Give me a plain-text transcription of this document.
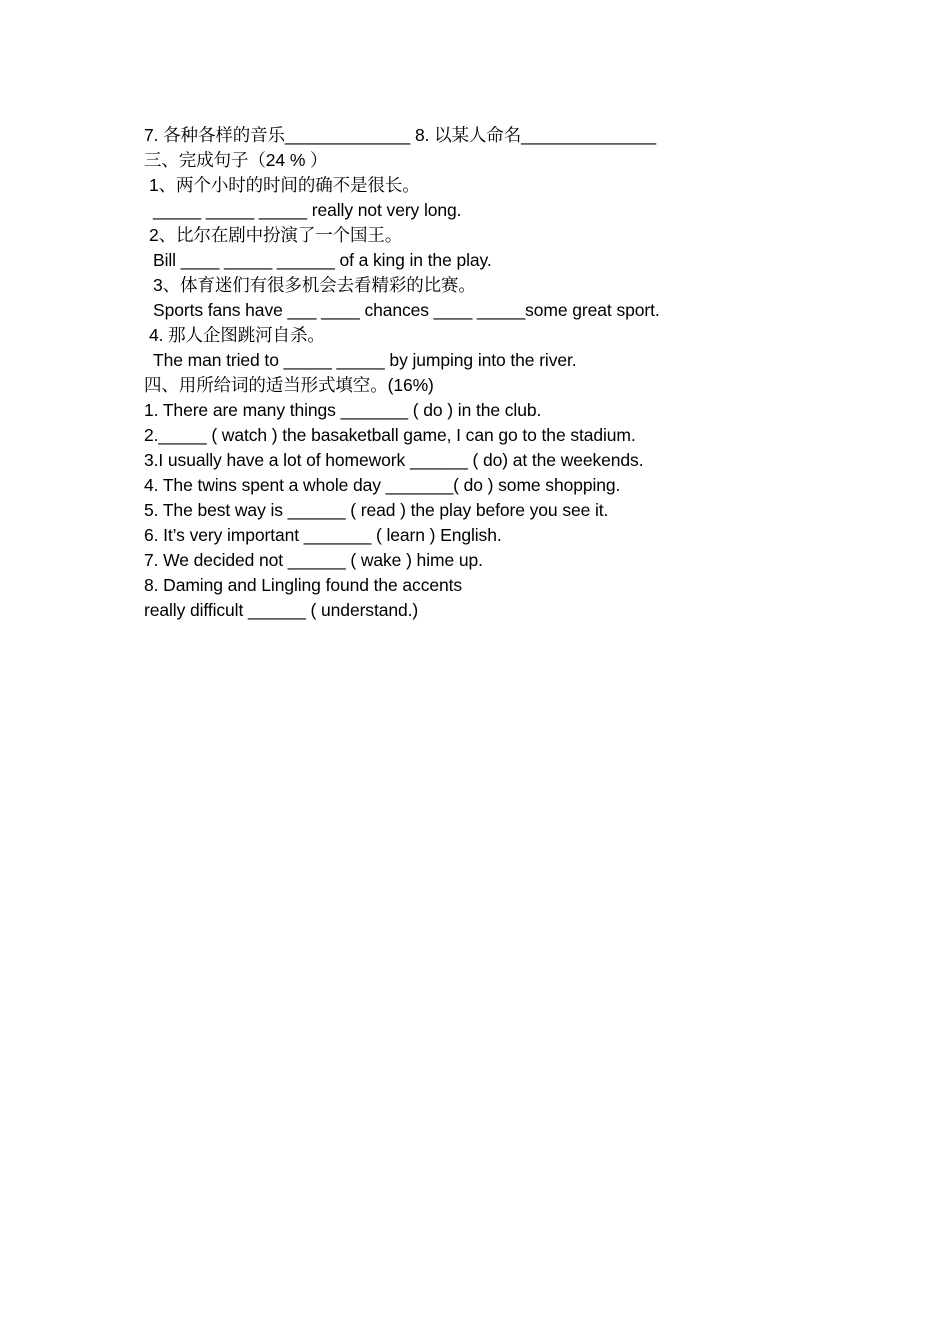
7. 各种各样的音乐_____________ 8. 以某人命名______________
三、完成句子（24 % ）
1、两个小时的时间的确不是很长。
_____ _____ _____ really not very long.
2、比尔在剧中扮演了一个国王。
Bill ____ _____ ______ of a king in the play.
3、体育迷们有很多机会去看精彩的比赛。
Sports fans have ___ ____ chances ____ _____some great sport.
4. 那人企图跳河自杀。
The man tried to _____ _____ by jumping into the river.
四、用所给词的适当形式填空。(16%)
1. There are many things _______ ( do ) in the club.
2._____ ( watch ) the basaketball game, I can go to the stadium.
3.I usually have a lot of homework ______ ( do) at the weekends.
4. The twins spent a whole day _______( do ) some shopping.
5. The best way is ______ ( read ) the play before you see it.
6. It’s very important _______ ( learn ) English.
7. We decided not ______ ( wake ) hime up.
8. Daming and Lingling found the accents
really difficult ______ ( understand.)
